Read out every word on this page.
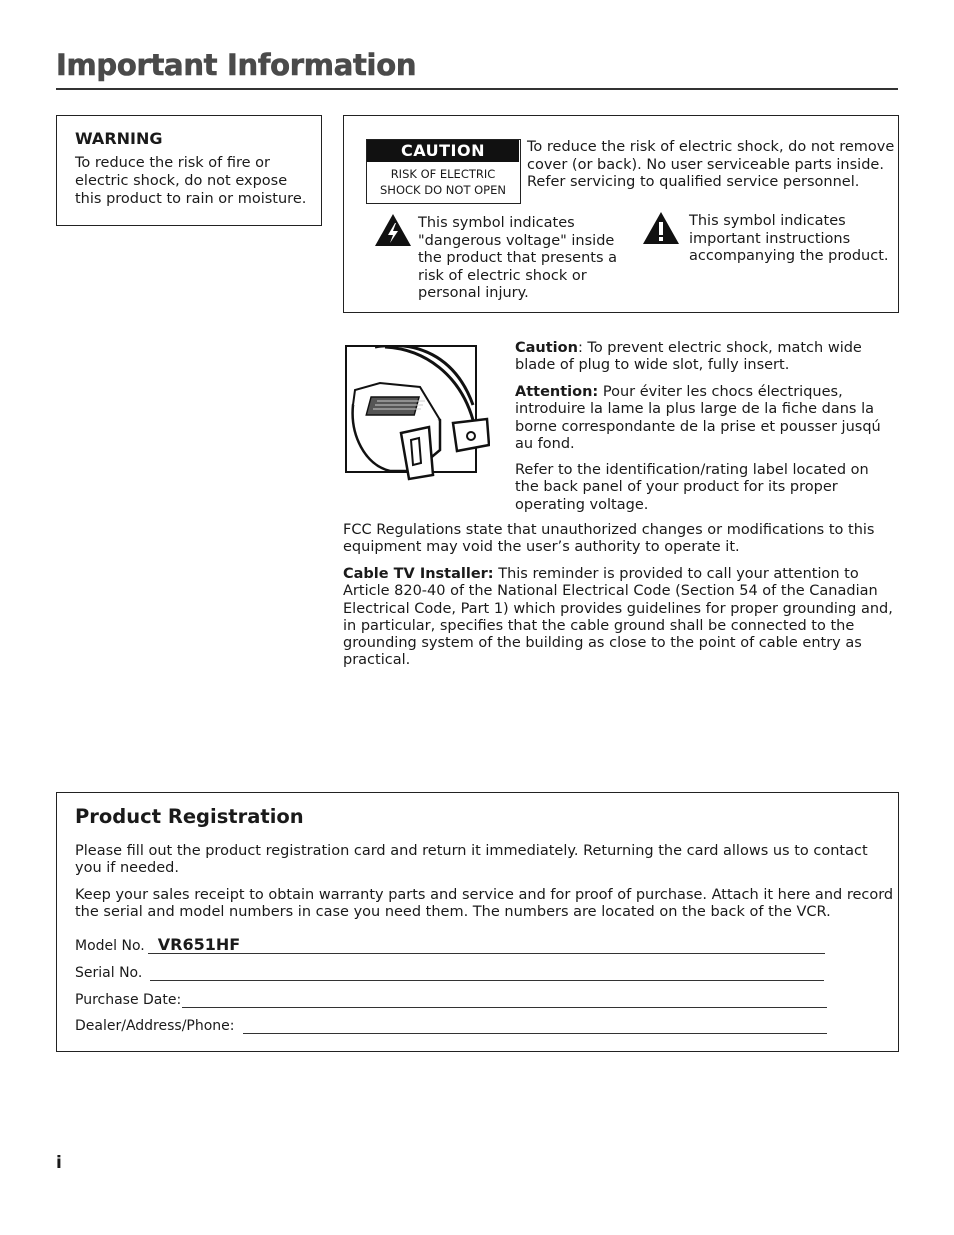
Important Information
WARNING
To reduce the risk of fire or electric shock, do not expose this product to rain or moisture.
CAUTION
RISK OF ELECTRIC
SHOCK DO NOT OPEN
To reduce the risk of electric shock, do not remove cover (or back). No user serviceable parts inside. Refer servicing to qualified service personnel.
This symbol indicates "dangerous voltage" inside the product that presents a risk of electric shock or personal injury.
This symbol indicates important instructions accompanying the product.
Caution: To prevent electric shock, match wide blade of plug to wide slot, fully insert.
Attention: Pour éviter les chocs électriques, introduire la lame la plus large de la fiche dans la borne correspondante de la prise et pousser jusqú au fond.
Refer to the identification/rating label located on the back panel of your product for its proper operating voltage.
FCC Regulations state that unauthorized changes or modifications to this equipment may void the user’s authority to operate it.
Cable TV Installer: This reminder is provided to call your attention to Article 820-40 of the National Electrical Code (Section 54 of the Canadian Electrical Code, Part 1) which provides guidelines for proper grounding and, in particular, specifies that the cable ground shall be connected to the grounding system of the building as close to the point of cable entry as practical.
Product Registration
Please fill out the product registration card and return it immediately. Returning the card allows us to contact you if needed.
Keep your sales receipt to obtain warranty parts and service and for proof of purchase. Attach it here and record the serial and model numbers in case you need them. The numbers are located on the back of the VCR.
Model No. VR651HF
Serial No.
Purchase Date:
Dealer/Address/Phone:
i
